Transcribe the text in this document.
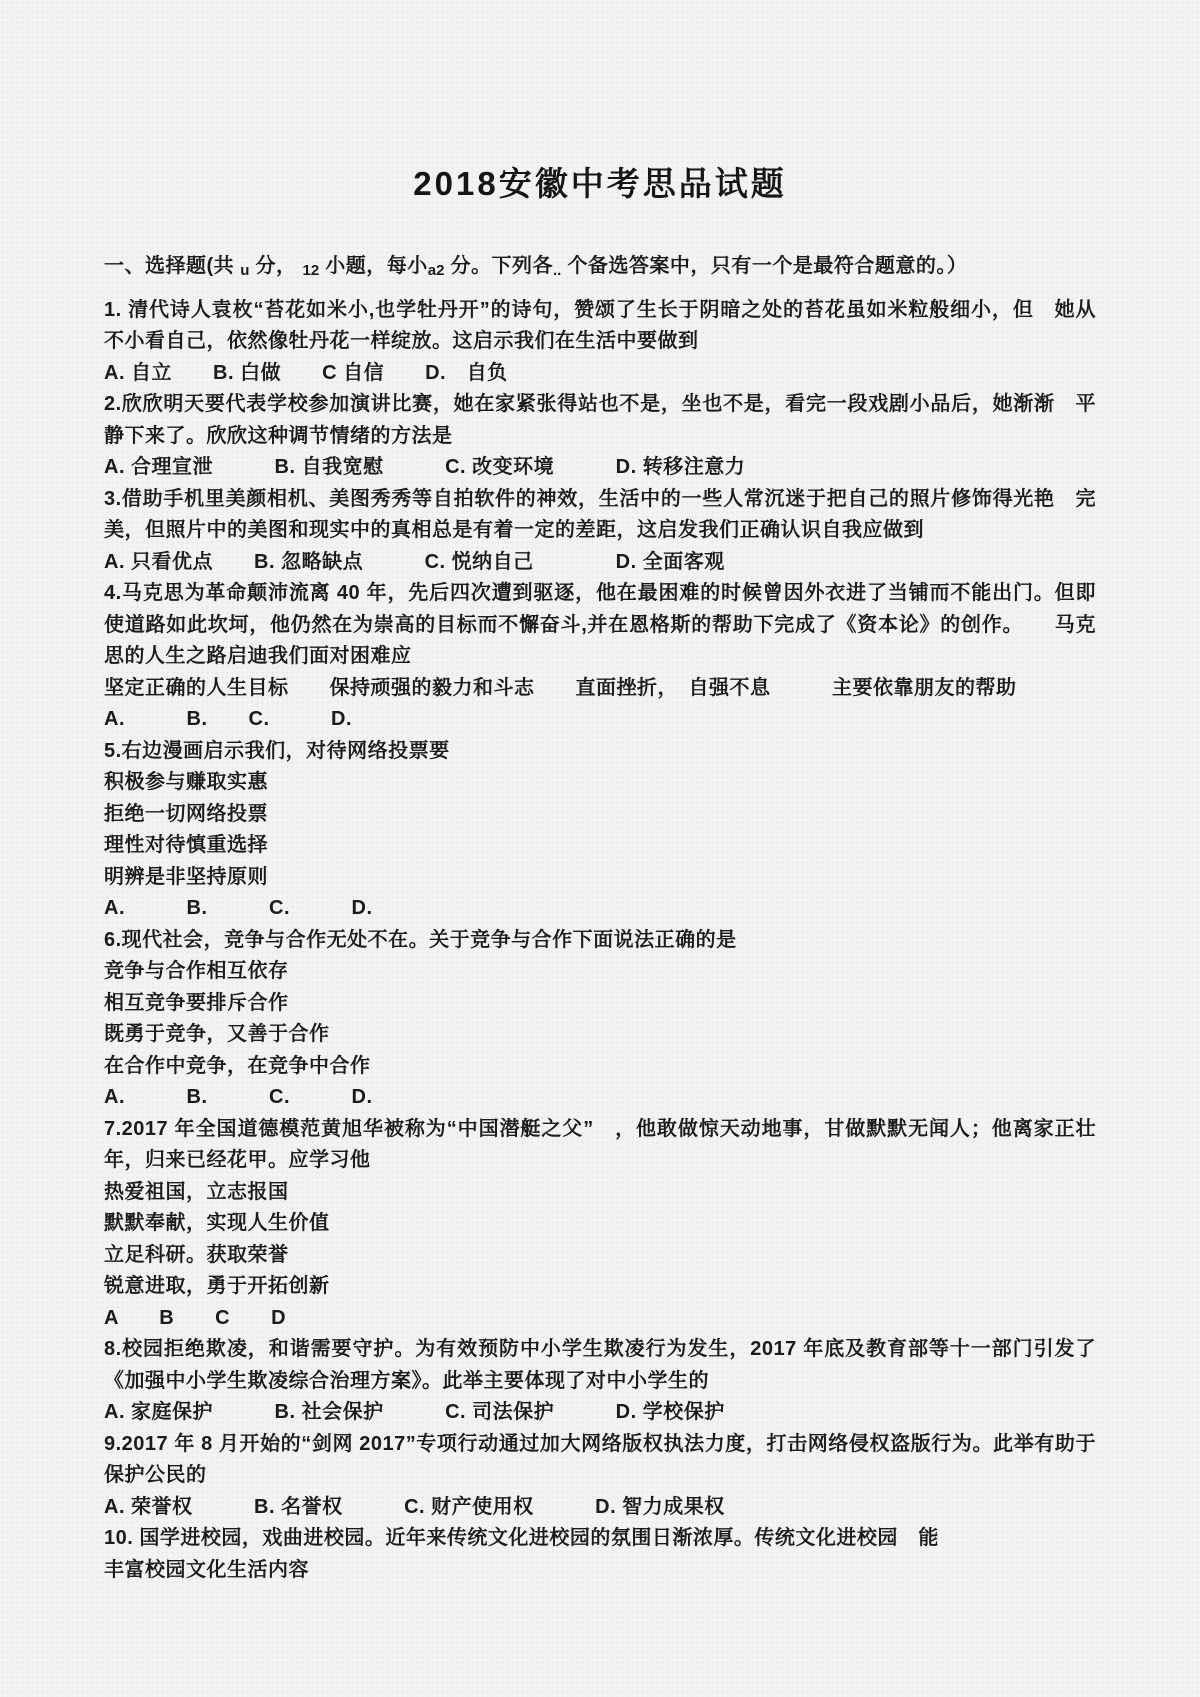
2018安徽中考思品试题

一、选择题(共 $_u$ 分， $_{12}$ 小题，每小$_{a2}$ 分。下列各$_{..}$ 个备选答案中，只有一个是最符合题意的。）

1. 清代诗人袁枚“苔花如米小,也学牡丹开”的诗句，赞颂了生长于阴暗之处的苔花虽如米粒般细小，但　她从不小看自己，依然像牡丹花一样绽放。这启示我们在生活中要做到

A. 自立　　B. 白做　　C 自信　　D.　自负

2.欣欣明天要代表学校参加演讲比赛，她在家紧张得站也不是，坐也不是，看完一段戏剧小品后，她渐渐　平静下来了。欣欣这种调节情绪的方法是

A. 合理宣泄　　　B. 自我宽慰　　　C. 改变环境　　　D. 转移注意力

3.借助手机里美颜相机、美图秀秀等自拍软件的神效，生活中的一些人常沉迷于把自己的照片修饰得光艳　完美，但照片中的美图和现实中的真相总是有着一定的差距，这启发我们正确认识自我应做到

A. 只看优点　　B. 忽略缺点　　　C. 悦纳自己　　　　D. 全面客观

4.马克思为革命颠沛流离 40 年，先后四次遭到驱逐，他在最困难的时候曾因外衣进了当铺而不能出门。但即使道路如此坎坷，他仍然在为崇高的目标而不懈奋斗,并在恩格斯的帮助下完成了《资本论》的创作。　　马克思的人生之路启迪我们面对困难应

坚定正确的人生目标　　保持顽强的毅力和斗志　　直面挫折，　自强不息　　　主要依靠朋友的帮助

A.　　　B.　　C.　　　D.

5.右边漫画启示我们，对待网络投票要

积极参与赚取实惠

拒绝一切网络投票

理性对待慎重选择

明辨是非坚持原则

A.　　　B.　　　C.　　　D.

6.现代社会，竞争与合作无处不在。关于竞争与合作下面说法正确的是

竞争与合作相互依存

相互竞争要排斥合作

既勇于竞争，又善于合作

在合作中竞争，在竞争中合作

A.　　　B.　　　C.　　　D.

7.2017 年全国道德模范黄旭华被称为“中国潜艇之父”　，他敢做惊天动地事，甘做默默无闻人；他离家正壮年，归来已经花甲。应学习他

热爱祖国，立志报国

默默奉献，实现人生价值

立足科研。获取荣誉

锐意进取，勇于开拓创新

A　　B　　C　　D

8.校园拒绝欺凌，和谐需要守护。为有效预防中小学生欺凌行为发生，2017 年底及教育部等十一部门引发了《加强中小学生欺凌综合治理方案》。此举主要体现了对中小学生的

A. 家庭保护　　　B. 社会保护　　　C. 司法保护　　　D. 学校保护

9.2017 年 8 月开始的“剑网 2017”专项行动通过加大网络版权执法力度，打击网络侵权盗版行为。此举有助于保护公民的

A. 荣誉权　　　B. 名誉权　　　C. 财产使用权　　　D. 智力成果权

10. 国学进校园，戏曲进校园。近年来传统文化进校园的氛围日渐浓厚。传统文化进校园　能

丰富校园文化生活内容
